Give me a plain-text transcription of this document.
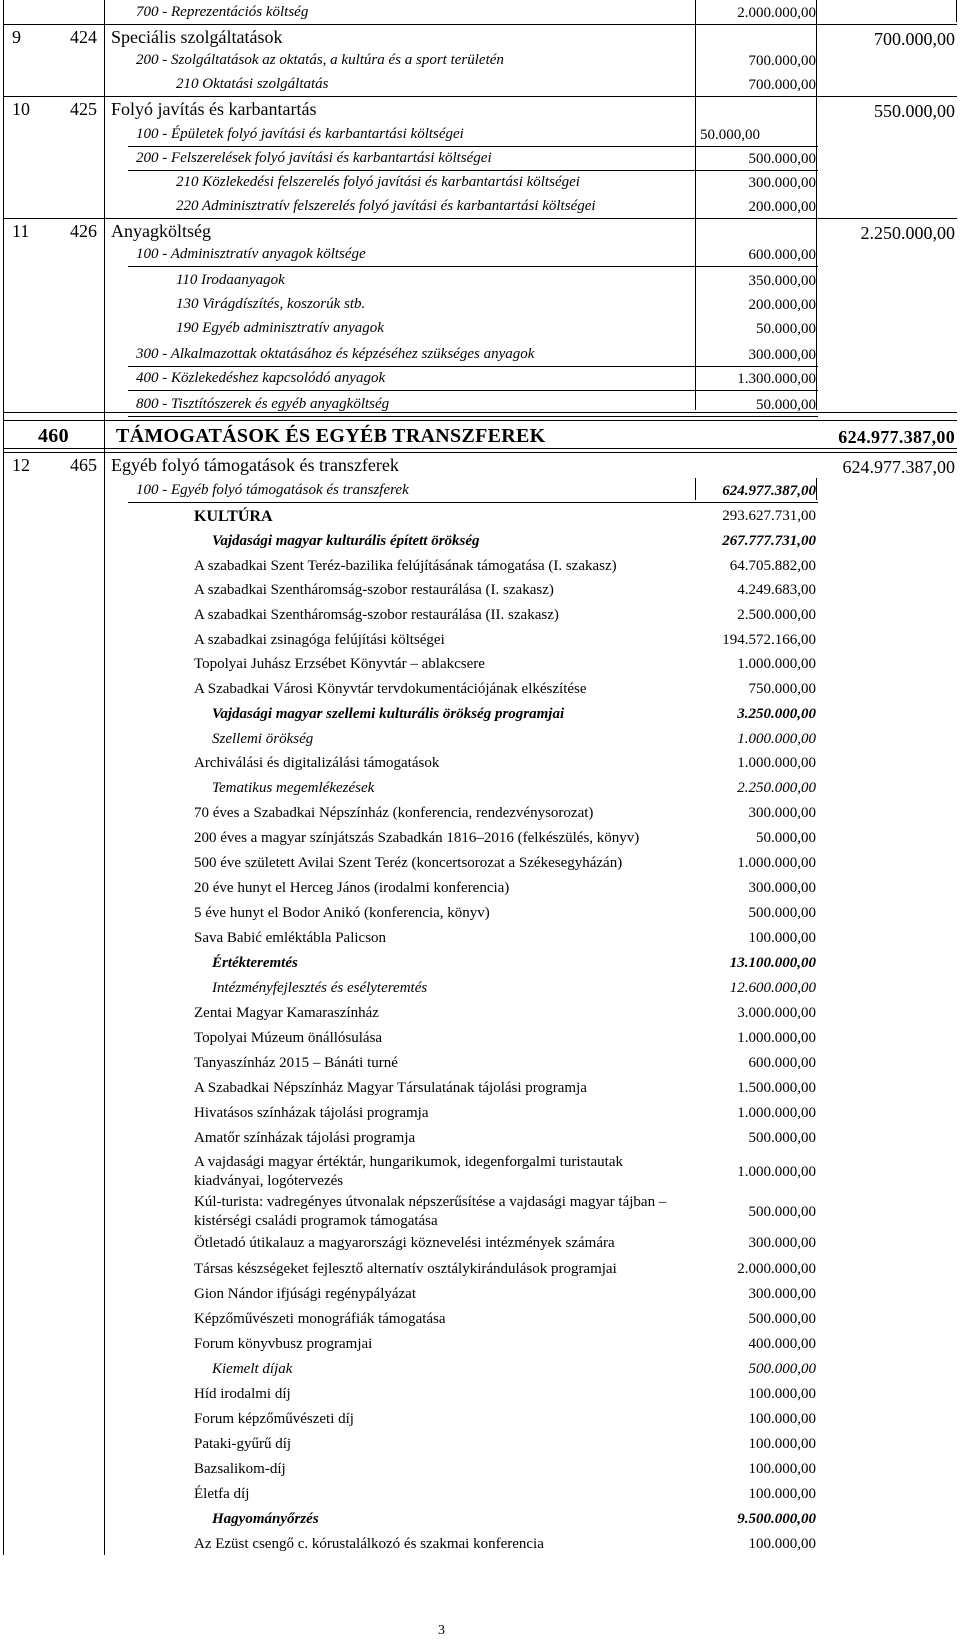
700 - Reprezentációs költség	2.000.000,00
9	424 Speciális szolgáltatások	700.000,00
200 - Szolgáltatások az oktatás, a kultúra és a sport területén	700.000,00
210 Oktatási szolgáltatás	700.000,00
10 425 Folyó javítás és karbantartás	550.000,00
100 - Épületek folyó javítási és karbantartási költségei	50.000,00
200 - Felszerelések folyó javítási és karbantartási költségei	500.000,00
210 Közlekedési felszerelés folyó javítási és karbantartási költségei	300.000,00
220 Adminisztratív felszerelés folyó javítási és karbantartási költségei	200.000,00
11 426 Anyagköltség	2.250.000,00
100 - Adminisztratív anyagok költsége	600.000,00
110 Irodaanyagok	350.000,00
130 Virágdíszítés, koszorúk stb.	200.000,00
190 Egyéb adminisztratív anyagok	50.000,00
300 - Alkalmazottak oktatásához és képzéséhez szükséges anyagok	300.000,00
400 - Közlekedéshez kapcsolódó anyagok	1.300.000,00
800 - Tisztítószerek és egyéb anyagköltség	50.000,00
460 TÁMOGATÁSOK ÉS EGYÉB TRANSZFEREK	624.977.387,00
12 465 Egyéb folyó támogatások és transzferek	624.977.387,00
100 - Egyéb folyó támogatások és transzferek	624.977.387,00
KULTÚRA	293.627.731,00
Vajdasági magyar kulturális épített örökség	267.777.731,00
A szabadkai Szent Teréz-bazilika felújításának támogatása (I. szakasz)	64.705.882,00
A szabadkai Szentháromság-szobor restaurálása (I. szakasz)	4.249.683,00
A szabadkai Szentháromság-szobor restaurálása (II. szakasz)	2.500.000,00
A szabadkai zsinagóga felújítási költségei	194.572.166,00
Topolyai Juhász Erzsébet Könyvtár – ablakcsere	1.000.000,00
A Szabadkai Városi Könyvtár tervdokumentációjának elkészítése	750.000,00
Vajdasági magyar szellemi kulturális örökség programjai	3.250.000,00
Szellemi örökség	1.000.000,00
Archiválási és digitalizálási támogatások	1.000.000,00
Tematikus megemlékezések	2.250.000,00
70 éves a Szabadkai Népszínház (konferencia, rendezvénysorozat)	300.000,00
200 éves a magyar színjátszás Szabadkán 1816–2016 (felkészülés, könyv)	50.000,00
500 éve született Avilai Szent Teréz (koncertsorozat a Székesegyházán)	1.000.000,00
20 éve hunyt el Herceg János (irodalmi konferencia)	300.000,00
5 éve hunyt el Bodor Anikó (konferencia, könyv)	500.000,00
Sava Babić emléktábla Palicson	100.000,00
Értékteremtés	13.100.000,00
Intézményfejlesztés és esélyteremtés	12.600.000,00
Zentai Magyar Kamaraszínház	3.000.000,00
Topolyai Múzeum önállósulása	1.000.000,00
Tanyaszínház 2015 – Bánáti turné	600.000,00
A Szabadkai Népszínház Magyar Társulatának tájolási programja	1.500.000,00
Hivatásos színházak tájolási programja	1.000.000,00
Amatőr színházak tájolási programja	500.000,00
A vajdasági magyar értéktár, hungarikumok, idegenforgalmi turistautak
kiadványai, logótervezés
1.000.000,00
Kúl-turista: vadregényes útvonalak népszerűsítése a vajdasági magyar tájban –
kistérségi családi programok támogatása
500.000,00
Ötletadó útikalauz a magyarországi köznevelési intézmények számára	300.000,00
Társas készségeket fejlesztő alternatív osztálykirándulások programjai	2.000.000,00
Gion Nándor ifjúsági regénypályázat	300.000,00
Képzőművészeti monográfiák támogatása	500.000,00
Forum könyvbusz programjai	400.000,00
Kiemelt díjak	500.000,00
Híd irodalmi díj	100.000,00
Forum képzőművészeti díj	100.000,00
Pataki-gyűrű díj	100.000,00
Bazsalikom-díj	100.000,00
Életfa díj	100.000,00
Hagyományőrzés	9.500.000,00
Az Ezüst csengő c. kórustalálkozó és szakmai konferencia	100.000,00
3
